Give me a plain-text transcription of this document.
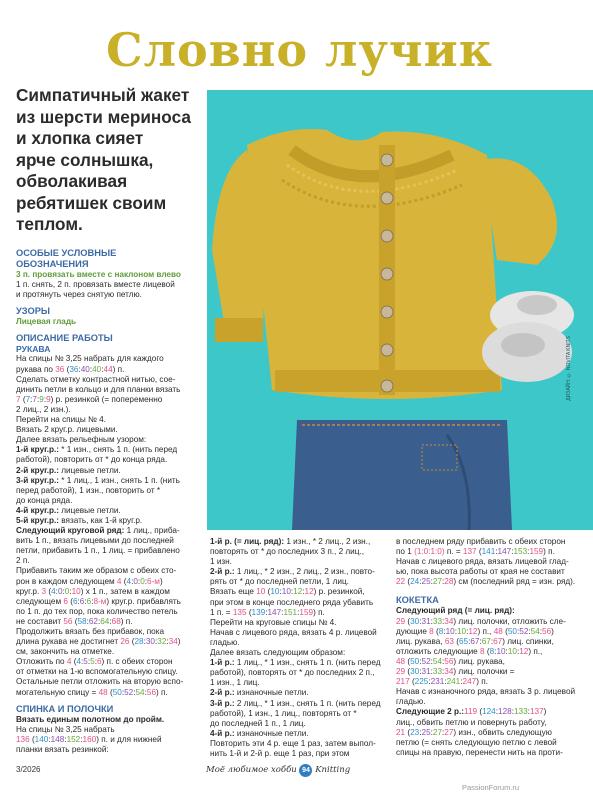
Словно лучик
Симпатичный жакет
из шерсти мериноса
и хлопка сияет
ярче солнышка,
обволакивая
ребятишек своим
теплом.
ДИЗАЙН: © NOVITA KNITS
ОСОБЫЕ УСЛОВНЫЕ
ОБОЗНАЧЕНИЯ
3 п. провязать вместе с наклоном влево
1 п. снять, 2 п. провязать вместе лицевой
и протянуть через снятую петлю.
УЗОРЫ
Лицевая гладь
ОПИСАНИЕ РАБОТЫ
РУКАВА
На спицы № 3,25 набрать для каждого
рукава по 36 (36:40:40:44) п.
Сделать отметку контрастной нитью, сое-
динить петли в кольцо и для планки вязать
7 (7:7:9:9) р. резинкой (= попеременно
2 лиц., 2 изн.).
Перейти на спицы № 4.
Вязать 2 круг.р. лицевыми.
Далее вязать рельефным узором:
1-й круг.р.: * 1 изн., снять 1 п. (нить перед
работой), повторить от * до конца ряда.
2-й круг.р.: лицевые петли.
3-й круг.р.: * 1 лиц., 1 изн., снять 1 п. (нить
перед работой), 1 изн., повторить от *
до конца ряда.
4-й круг.р.: лицевые петли.
5-й круг.р.: вязать, как 1-й круг.р.
Следующий круговой ряд: 1 лиц., приба-
вить 1 п., вязать лицевыми до последней
петли, прибавить 1 п., 1 лиц. = прибавлено
2 п.
Прибавить таким же образом с обеих сто-
рон в каждом следующем 4 (4:0:0:6-м)
круг.р. 3 (4:0:0:10) х 1 п., затем в каждом
следующем 6 (6:6:6:8-м) круг.р. прибавлять
по 1 п. до тех пор, пока количество петель
не составит 56 (58:62:64:68) п.
Продолжить вязать без прибавок, пока
длина рукава не достигнет 26 (28:30:32:34)
см, закончить на отметке.
Отложить по 4 (4:5:5:6) п. с обеих сторон
от отметки на 1-ю вспомогательную спицу.
Остальные петли отложить на вторую вспо-
могательную спицу = 48 (50:52:54:56) п.
СПИНКА И ПОЛОЧКИ
Вязать единым полотном до пройм.
На спицы № 3,25 набрать
136 (140:148:152:160) п. и для нижней
планки вязать резинкой:
1-й р. (= лиц. ряд): 1 изн., * 2 лиц., 2 изн.,
повторять от * до последних 3 п., 2 лиц.,
1 изн.
2-й р.: 1 лиц., * 2 изн., 2 лиц., 2 изн., повто-
рять от * до последней петли, 1 лиц.
Вязать еще 10 (10:10:12:12) р. резинкой,
при этом в конце последнего ряда убавить
1 п. = 135 (139:147:151:159) п.
Перейти на круговые спицы № 4.
Начав с лицевого ряда, вязать 4 р. лицевой
гладью.
Далее вязать следующим образом:
1-й р.: 1 лиц., * 1 изн., снять 1 п. (нить перед
работой), повторять от * до последних 2 п.,
1 изн., 1 лиц.
2-й р.: изнаночные петли.
3-й р.: 2 лиц., * 1 изн., снять 1 п. (нить перед
работой), 1 изн., 1 лиц., повторять от *
до последней 1 п., 1 лиц.
4-й р.: изнаночные петли.
Повторить эти 4 р. еще 1 раз, затем выпол-
нить 1-й и 2-й р. еще 1 раз, при этом
в последнем ряду прибавить с обеих сторон
по 1 (1:0:1:0) п. = 137 (141:147:153:159) п.
Начав с лицевого ряда, вязать лицевой глад-
ью, пока высота работы от края не составит
22 (24:25:27:28) см (последний ряд = изн. ряд).
КОКЕТКА
Следующий ряд (= лиц. ряд):
29 (30:31:33:34) лиц. полочки, отложить сле-
дующие 8 (8:10:10:12) п., 48 (50:52:54:56)
лиц. рукава, 63 (65:67:67:67) лиц. спинки,
отложить следующие 8 (8:10:10:12) п.,
48 (50:52:54:56) лиц. рукава,
29 (30:31:33:34) лиц. полочки =
217 (225:231:241:247) п.
Начав с изнаночного ряда, вязать 3 р. лицевой
гладью.
Следующие 2 р.:119 (124:128:133:137)
лиц., обвить петлю и повернуть работу,
21 (23:25:27:27) изн., обвить следующую
петлю (= снять следующую петлю с левой
спицы на правую, перенести нить на проти-
3/2026	Моё любимое хобби 94 Knitting
PassionForum.ru
